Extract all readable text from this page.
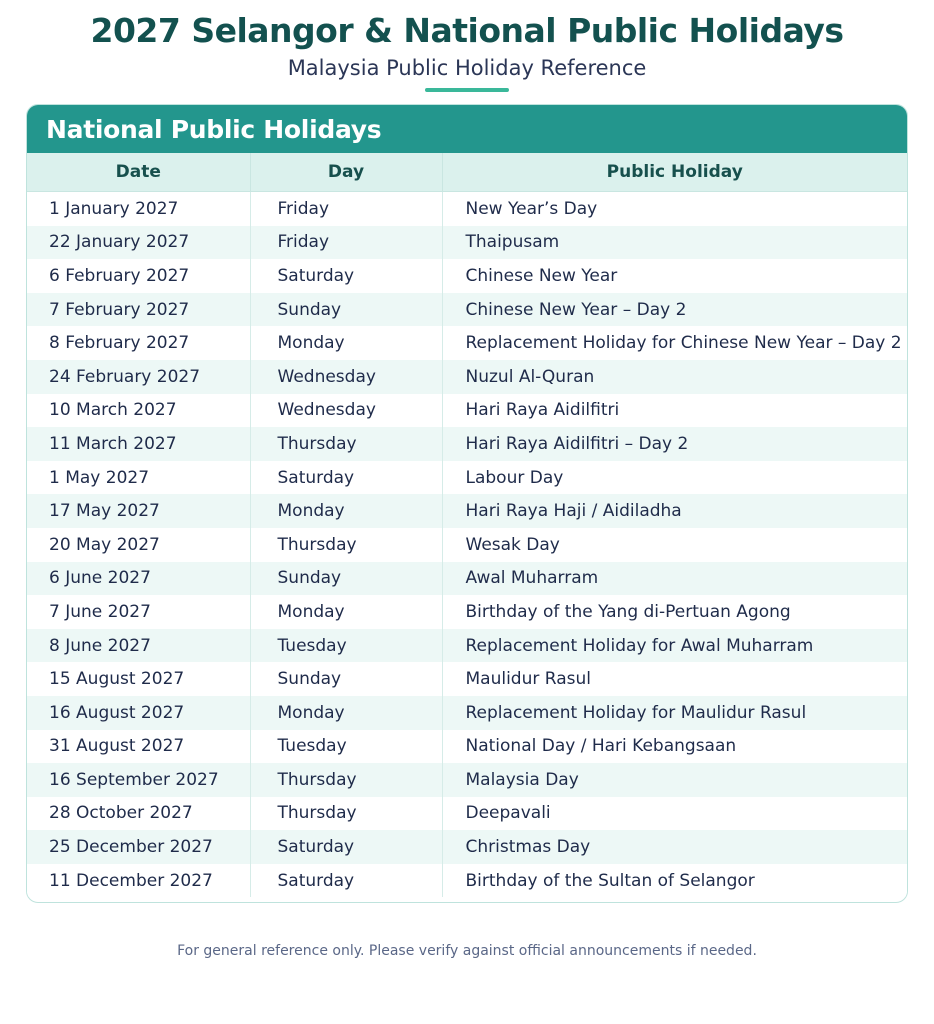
2027 Selangor & National Public Holidays
Malaysia Public Holiday Reference
National Public Holidays
Date	Day	Public Holiday
1 January 2027	Friday	New Year’s Day
22 January 2027	Friday	Thaipusam
6 February 2027	Saturday	Chinese New Year
7 February 2027	Sunday	Chinese New Year – Day 2
8 February 2027	Monday	Replacement Holiday for Chinese New Year – Day 2
24 February 2027	Wednesday	Nuzul Al-Quran
10 March 2027	Wednesday	Hari Raya Aidilfitri
11 March 2027	Thursday	Hari Raya Aidilfitri – Day 2
1 May 2027	Saturday	Labour Day
17 May 2027	Monday	Hari Raya Haji / Aidiladha
20 May 2027	Thursday	Wesak Day
6 June 2027	Sunday	Awal Muharram
7 June 2027	Monday	Birthday of the Yang di-Pertuan Agong
8 June 2027	Tuesday	Replacement Holiday for Awal Muharram
15 August 2027	Sunday	Maulidur Rasul
16 August 2027	Monday	Replacement Holiday for Maulidur Rasul
31 August 2027	Tuesday	National Day / Hari Kebangsaan
16 September 2027	Thursday	Malaysia Day
28 October 2027	Thursday	Deepavali
25 December 2027	Saturday	Christmas Day
11 December 2027	Saturday	Birthday of the Sultan of Selangor
For general reference only. Please verify against official announcements if needed.
